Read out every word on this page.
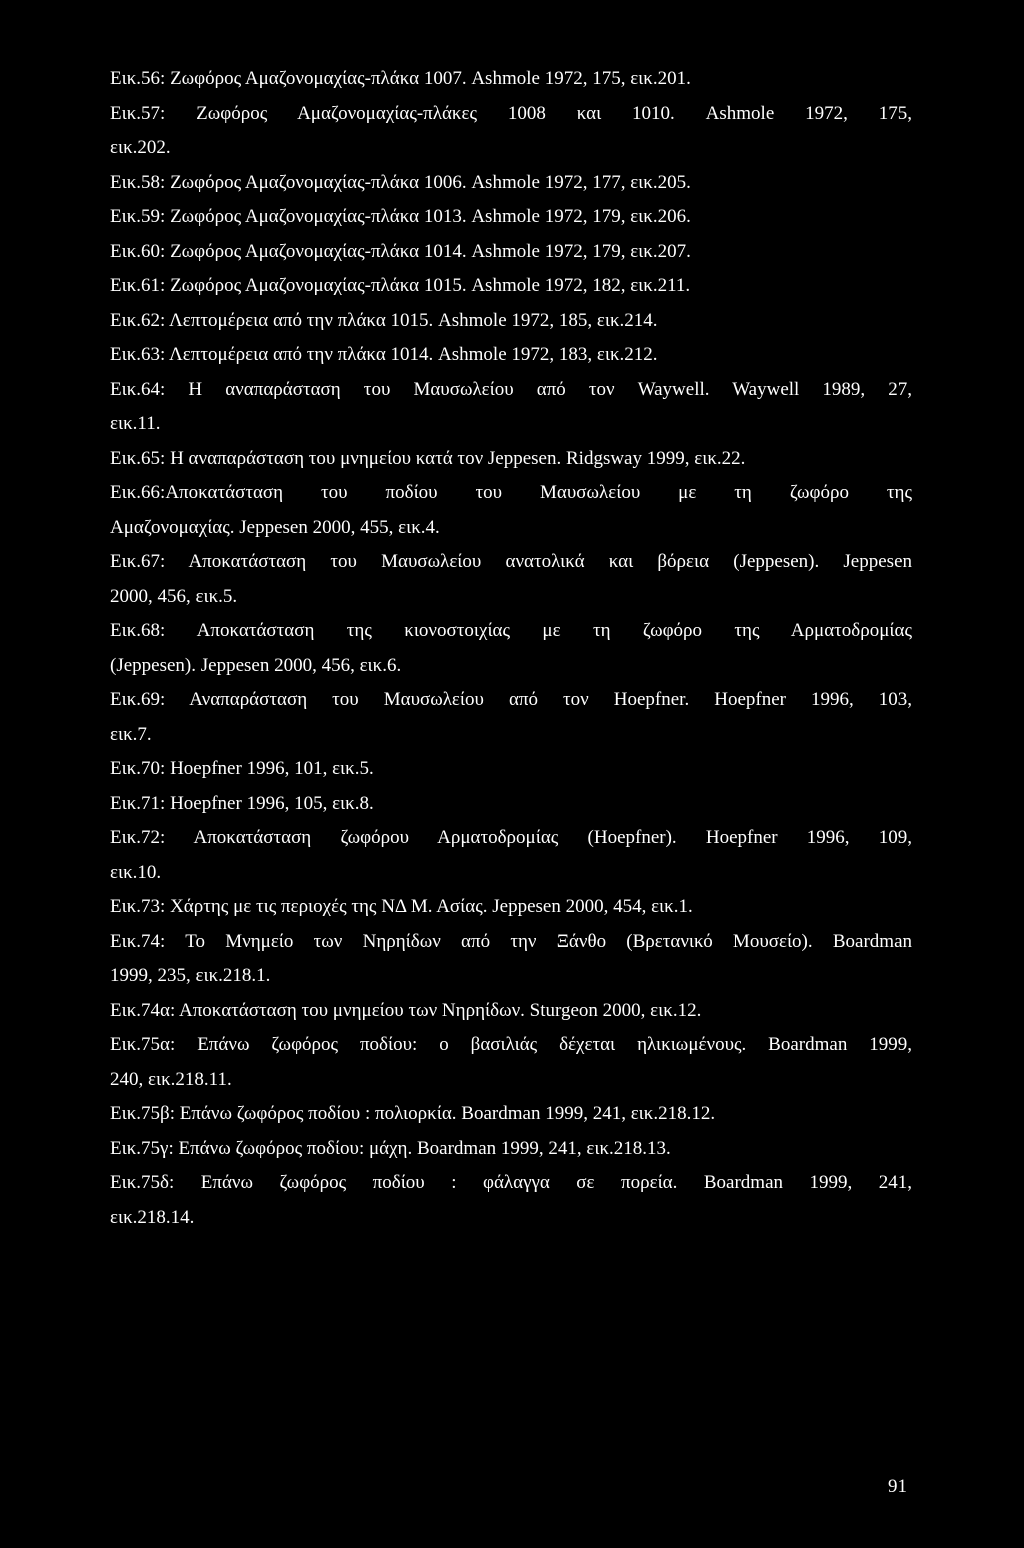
Εικ.56: Ζωφόρος Αμαζονομαχίας-πλάκα 1007. Ashmole 1972, 175, εικ.201.

Εικ.57: Ζωφόρος Αμαζονομαχίας-πλάκες 1008 και 1010. Ashmole 1972, 175,
εικ.202.

Εικ.58: Ζωφόρος Αμαζονομαχίας-πλάκα 1006. Ashmole 1972, 177, εικ.205.

Εικ.59: Ζωφόρος Αμαζονομαχίας-πλάκα 1013. Ashmole 1972, 179, εικ.206.

Εικ.60: Ζωφόρος Αμαζονομαχίας-πλάκα 1014. Ashmole 1972, 179, εικ.207.

Εικ.61: Ζωφόρος Αμαζονομαχίας-πλάκα 1015. Ashmole 1972, 182, εικ.211.

Εικ.62: Λεπτομέρεια από την πλάκα 1015. Ashmole 1972, 185, εικ.214.

Εικ.63: Λεπτομέρεια από την πλάκα 1014. Ashmole 1972, 183, εικ.212.

Εικ.64: Η αναπαράσταση του Μαυσωλείου από τον Waywell. Waywell 1989, 27,
εικ.11.

Εικ.65: Η αναπαράσταση του μνημείου κατά τον Jeppesen. Ridgsway 1999, εικ.22.

Εικ.66:Αποκατάσταση του ποδίου του Μαυσωλείου με τη ζωφόρο της
Αμαζονομαχίας. Jeppesen 2000, 455, εικ.4.

Εικ.67: Αποκατάσταση του Μαυσωλείου ανατολικά και βόρεια (Jeppesen). Jeppesen
2000, 456, εικ.5.

Εικ.68: Αποκατάσταση της κιονοστοιχίας με τη ζωφόρο της Αρματοδρομίας
(Jeppesen). Jeppesen 2000, 456, εικ.6.

Εικ.69: Αναπαράσταση του Μαυσωλείου από τον Hoepfner. Hoepfner 1996, 103,
εικ.7.

Εικ.70: Hoepfner 1996, 101, εικ.5.

Εικ.71: Hoepfner 1996, 105, εικ.8.

Εικ.72: Αποκατάσταση ζωφόρου Αρματοδρομίας (Hoepfner). Hoepfner 1996, 109,
εικ.10.

Εικ.73: Χάρτης με τις περιοχές της ΝΔ Μ. Ασίας. Jeppesen 2000, 454, εικ.1.

Εικ.74: Το Μνημείο των Νηρηίδων από την Ξάνθο (Βρετανικό Μουσείο). Boardman
1999, 235, εικ.218.1.

Εικ.74α: Αποκατάσταση του μνημείου των Νηρηίδων. Sturgeon 2000, εικ.12.

Εικ.75α: Επάνω ζωφόρος ποδίου: ο βασιλιάς δέχεται ηλικιωμένους. Boardman 1999,
240, εικ.218.11.

Εικ.75β: Επάνω ζωφόρος ποδίου : πολιορκία. Boardman 1999, 241, εικ.218.12.

Εικ.75γ: Επάνω ζωφόρος ποδίου: μάχη. Boardman 1999, 241, εικ.218.13.

Εικ.75δ: Επάνω ζωφόρος ποδίου : φάλαγγα σε πορεία. Boardman 1999, 241,
εικ.218.14.

91
